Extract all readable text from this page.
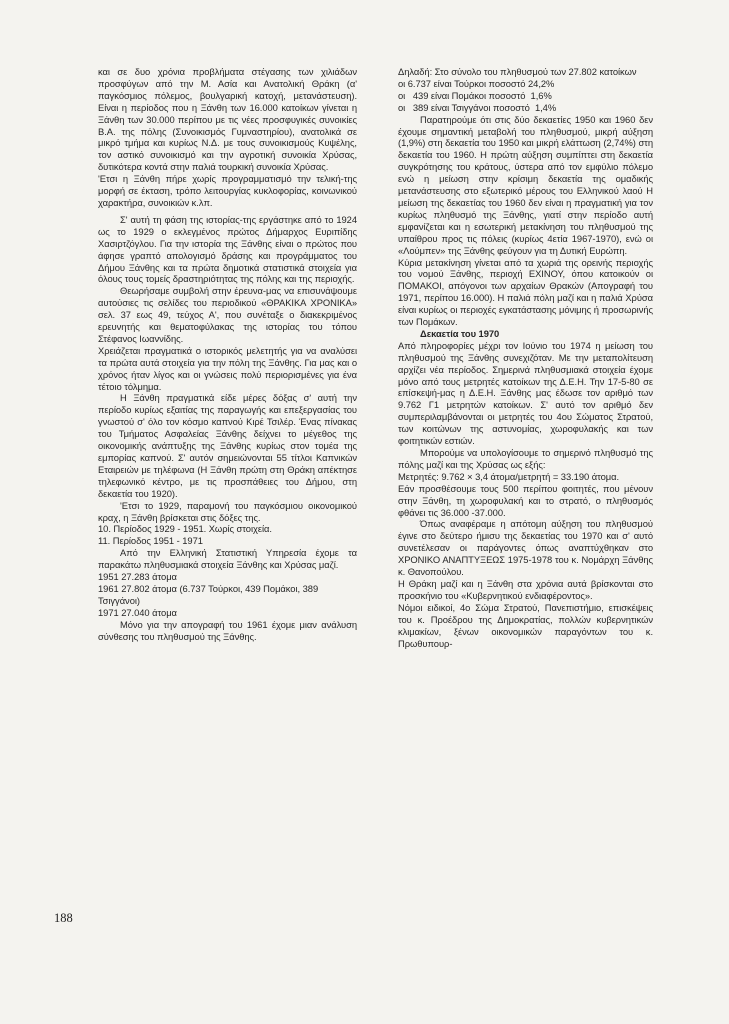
και σε δυο χρόνια προβλήματα στέγασης των χιλιάδων προσφύγων από την Μ. Ασία και Ανατολική Θράκη (α' παγκόσμιος πόλεμος, βουλγαρική κατοχή, μετανάστευση). Είναι η περίοδος που η Ξάνθη των 16.000 κατοίκων γίνεται η Ξάνθη των 30.000 περίπου με τις νέες προσφυγικές συνοικίες Β.Α. της πόλης (Συνοικισμός Γυμναστηρίου), ανατολικά σε μικρό τμήμα και κυρίως Ν.Δ. με τους συνοικισμούς Κυψέλης, τον αστικό συνοικισμό και την αγροτική συνοικία Χρύσας, δυτικότερα κοντά στην παλιά τουρκική συνοικία Χρύσας.

'Ετσι η Ξάνθη πήρε χωρίς προγραμματισμό την τελική-της μορφή σε έκταση, τρόπο λειτουργίας κυκλοφορίας, κοινωνικού χαρακτήρα, συνοικιών κ.λπ.

Σ' αυτή τη φάση της ιστορίας-της εργάστηκε από το 1924 ως το 1929 ο εκλεγμένος πρώτος Δήμαρχος Ευριπίδης Χασιρτζόγλου. Για την ιστορία της Ξάνθης είναι ο πρώτος που άφησε γραπτό απολογισμό δράσης και προγράμματος του Δήμου Ξάνθης και τα πρώτα δημοτικά στατιστικά στοιχεία για όλους τους τομείς δραστηριότητας της πόλης και της περιοχής.

Θεωρήσαμε συμβολή στην έρευνα-μας να επισυνάψουμε αυτούσιες τις σελίδες του περιοδικού «ΘΡΑΚΙΚΑ ΧΡΟΝΙΚΑ» σελ. 37 εως 49, τεύχος Α', που συνέταξε ο διακεκριμένος ερευνητής και θεματοφύλακας της ιστορίας του τόπου Στέφανος Ιωαννίδης.

Χρειάζεται πραγματικά ο ιστορικός μελετητής για να αναλύσει τα πρώτα αυτά στοιχεία για την πόλη της Ξάνθης. Για μας και ο χρόνος ήταν λίγος και οι γνώσεις πολύ περιορισμένες για ένα τέτοιο τόλμημα.

Η Ξάνθη πραγματικά είδε μέρες δόξας σ' αυτή την περίοδο κυρίως εξαιτίας της παραγωγής και επεξεργασίας του γνωστού σ' όλο τον κόσμο καπνού Κιρέ Τσιλέρ. Ένας πίνακας του Τμήματος Ασφαλείας Ξάνθης δείχνει το μέγεθος της οικονομικής ανάπτυξης της Ξάνθης κυρίως στον τομέα της εμπορίας καπνού. Σ' αυτόν σημειώνονται 55 τίτλοι Καπνικών Εταιρειών με τηλέφωνα (Η Ξάνθη πρώτη στη Θράκη απέκτησε τηλεφωνικό κέντρο, με τις προσπάθειες του Δήμου, στη δεκαετία του 1920).

'Ετσι το 1929, παραμονή του παγκόσμιου οικονομικού κραχ, η Ξάνθη βρίσκεται στις δόξες της.

10. Περίοδος 1929 - 1951. Χωρίς στοιχεία.

11. Περίοδος 1951 - 1971

Από την Ελληνική Στατιστική Υπηρεσία έχομε τα παρακάτω πληθυσμιακά στοιχεία Ξάνθης και Χρύσας μαζί.

1951 27.283 άτομα

1961 27.802 άτομα (6.737 Τούρκοι, 439 Πομάκοι, 389 Τσιγγάνοι)

1971 27.040 άτομα

Μόνο για την απογραφή του 1961 έχομε μιαν ανάλυση σύνθεσης του πληθυσμού της Ξάνθης.

Δηλαδή: Στο σύνολο του πληθυσμού των 27.802 κατοίκων

οι 6.737 είναι Τούρκοι ποσοστό 24,2%

οι   439 είναι Πομάκοι ποσοστό  1,6%

οι   389 είναι Τσιγγάνοι ποσοστό  1,4%

Παρατηρούμε ότι στις δύο δεκαετίες 1950 και 1960 δεν έχουμε σημαντική μεταβολή του πληθυσμού, μικρή αύξηση (1,9%) στη δεκαετία του 1950 και μικρή ελάττωση (2,74%) στη δεκαετία του 1960. Η πρώτη αύξηση συμπίπτει στη δεκαετία συγκρότησης του κράτους, ύστερα από τον εμφύλιο πόλεμο ενώ η μείωση στην κρίσιμη δεκαετία της ομαδικής μετανάστευσης στο εξωτερικό μέρους του Ελληνικού λαού Η μείωση της δεκαετίας του 1960 δεν είναι η πραγματική για τον κυρίως πληθυσμό της Ξάνθης, γιατί στην περίοδο αυτή εμφανίζεται και η εσωτερική μετακίνηση του πληθυσμού της υπαίθρου προς τις πόλεις (κυρίως 4ετία 1967-1970), ενώ οι «Λούμπεν» της Ξάνθης φεύγουν για τη Δυτική Ευρώπη.

Κύρια μετακίνηση γίνεται από τα χωριά της ορεινής περιοχής του νομού Ξάνθης, περιοχή ΕΧΙΝΟΥ, όπου κατοικούν οι ΠΟΜΑΚΟΙ, απόγονοι των αρχαίων Θρακών (Απογραφή του 1971, περίπου 16.000). Η παλιά πόλη μαζί και η παλιά Χρύσα είναι κυρίως οι περιοχές εγκατάστασης μόνιμης ή προσωρινής των Πομάκων.

Δεκαετία του 1970

Από πληροφορίες μέχρι τον Ιούνιο του 1974 η μείωση του πληθυσμού της Ξάνθης συνεχιζόταν. Με την μεταπολίτευση αρχίζει νέα περίοδος. Σημερινά πληθυσμιακά στοιχεία έχομε μόνο από τους μετρητές κατοίκων της Δ.Ε.Η. Την 17-5-80 σε επίσκεψή-μας η Δ.Ε.Η. Ξάνθης μας έδωσε τον αριθμό των 9.762 Γ1 μετρητών κατοίκων. Σ' αυτό τον αριθμό δεν συμπεριλαμβάνονται οι μετρητές του 4ου Σώματος Στρατού, των κοιτώνων της αστυνομίας, χωροφυλακής και των φοιτητικών εστιών.

Μπορούμε να υπολογίσουμε το σημερινό πληθυσμό της πόλης μαζί και της Χρύσας ως εξής:

Μετρητές: 9.762 × 3,4 άτομα/μετρητή = 33.190 άτομα.

Εάν προσθέσουμε τους 500 περίπου φοιτητές, που μένουν στην Ξάνθη, τη χωροφυλακή και το στρατό, ο πληθυσμός φθάνει τις 36.000 -37.000.

Όπως αναφέραμε η απότομη αύξηση του πληθυσμού έγινε στο δεύτερο ήμισυ της δεκαετίας του 1970 και σ' αυτό συνετέλεσαν οι παράγοντες όπως αναπτύχθηκαν στο ΧΡΟΝΙΚΟ ΑΝΑΠΤΥΞΕΩΣ 1975-1978 του κ. Νομάρχη Ξάνθης κ. Θανοπούλου.

Η Θράκη μαζί και η Ξάνθη στα χρόνια αυτά βρίσκονται στο προσκήνιο του «Κυβερνητικού ενδιαφέροντος».

Νόμοι ειδικοί, 4ο Σώμα Στρατού, Πανεπιστήμιο, επισκέψεις του κ. Προέδρου της Δημοκρατίας, πολλών κυβερνητικών κλιμακίων, ξένων οικονομικών παραγόντων του κ. Πρωθυπουρ-

188
